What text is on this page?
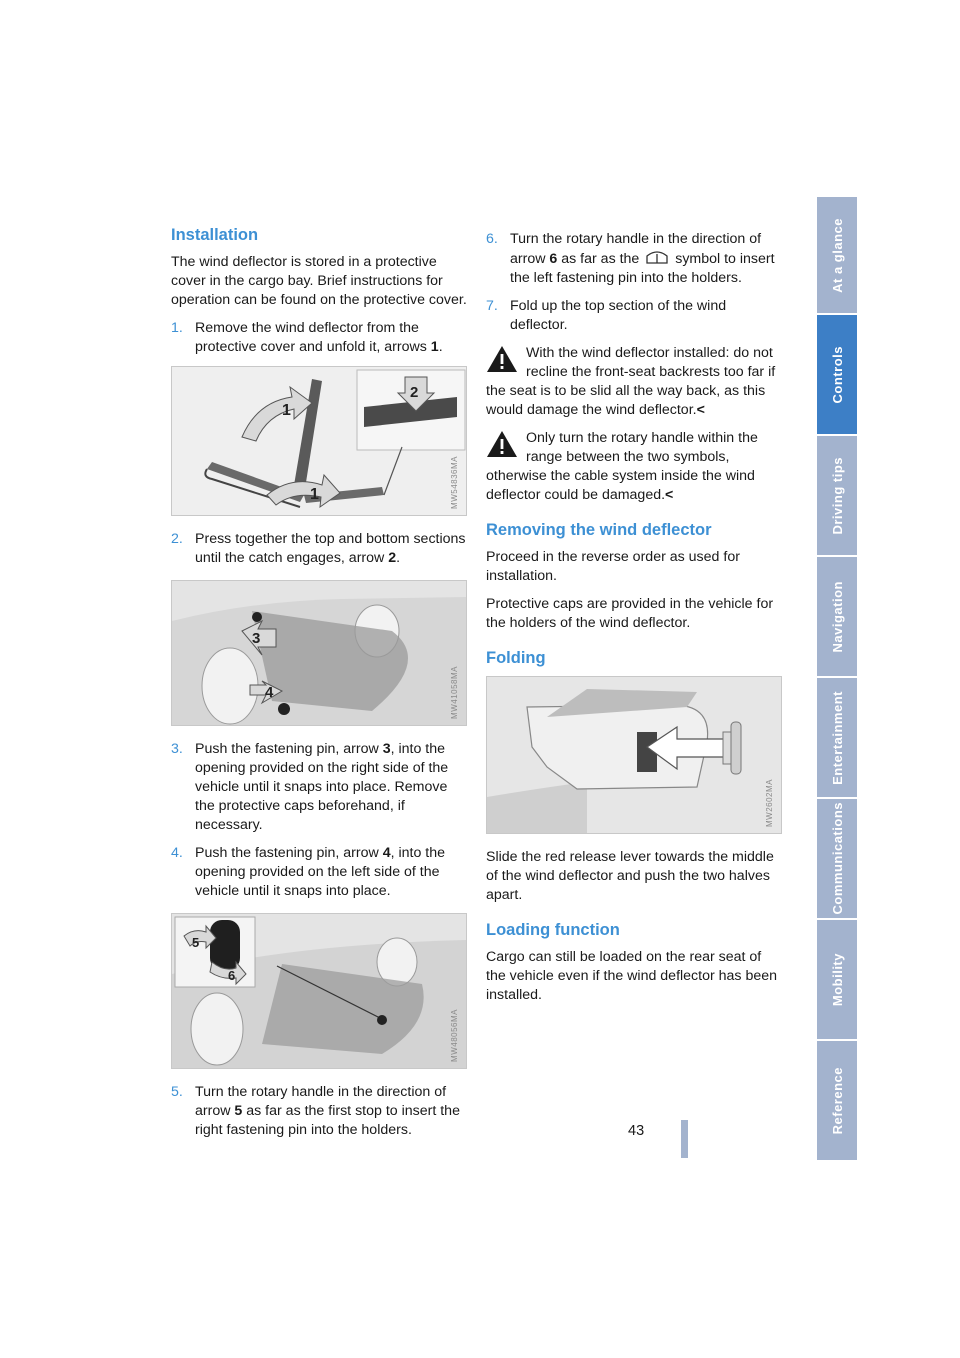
Installation

The wind deflector is stored in a protective cover in the cargo bay. Brief instructions for operation can be found on the protective cover.

1. Remove the wind deflector from the protective cover and unfold it, arrows 1.
1
1
2
MW54836MA
2. Press together the top and bottom sections until the catch engages, arrow 2.
3
4	MW41058MA
3. Push the fastening pin, arrow 3, into the opening provided on the right side of the vehicle until it snaps into place. Remove the protective caps beforehand, if necessary.
4. Push the fastening pin, arrow 4, into the opening provided on the left side of the vehicle until it snaps into place.
5
6
MW48056MA
5. Turn the rotary handle in the direction of arrow 5 as far as the first stop to insert the right fastening pin into the holders.
6. Turn the rotary handle in the direction of arrow 6 as far as the  symbol to insert the left fastening pin into the holders.
7. Fold up the top section of the wind deflector.
With the wind deflector installed: do not recline the front-seat backrests too far if the seat is to be slid all the way back, as this would damage the wind deflector.<
Only turn the rotary handle within the range between the two symbols, otherwise the cable system inside the wind deflector could be damaged.<
Removing the wind deflector

Proceed in the reverse order as used for installation.

Protective caps are provided in the vehicle for the holders of the wind deflector.

Folding
MW2602MA

Slide the red release lever towards the middle of the wind deflector and push the two halves apart.

Loading function

Cargo can still be loaded on the rear seat of the vehicle even if the wind deflector has been installed.

At a glance
Controls
Driving tips
Navigation
Entertainment
Communications
Mobility
Reference
43
